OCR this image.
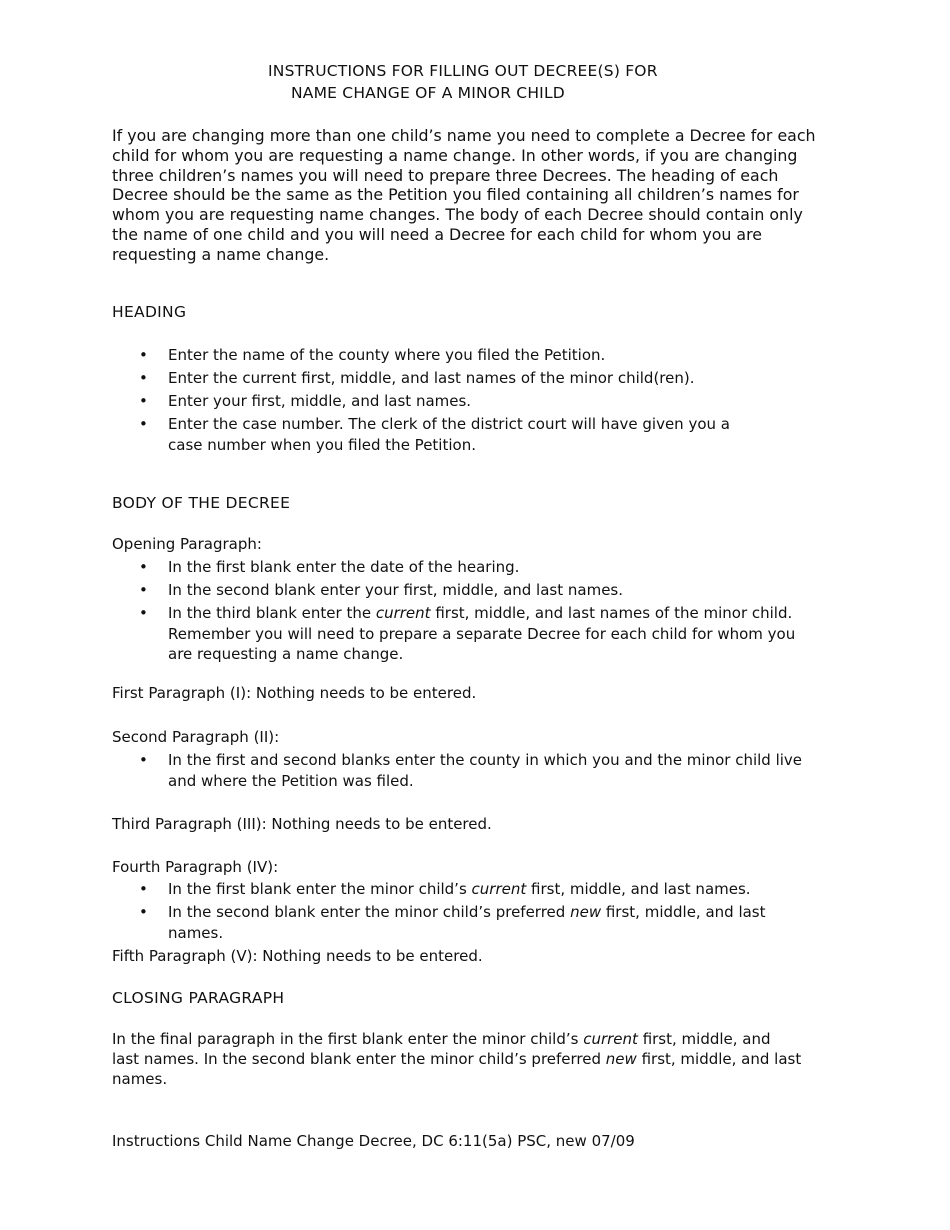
INSTRUCTIONS FOR FILLING OUT DECREE(S) FOR
NAME CHANGE OF A MINOR CHILD

If you are changing more than one child’s name you need to complete a Decree for each child for whom you are requesting a name change. In other words, if you are changing three children’s names you will need to prepare three Decrees. The heading of each Decree should be the same as the Petition you filed containing all children’s names for whom you are requesting name changes. The body of each Decree should contain only the name of one child and you will need a Decree for each child for whom you are requesting a name change.

HEADING

• Enter the name of the county where you filed the Petition.
• Enter the current first, middle, and last names of the minor child(ren).
• Enter your first, middle, and last names.
• Enter the case number. The clerk of the district court will have given you a case number when you filed the Petition.

BODY OF THE DECREE

Opening Paragraph:

• In the first blank enter the date of the hearing.
• In the second blank enter your first, middle, and last names.
• In the third blank enter the current first, middle, and last names of the minor child. Remember you will need to prepare a separate Decree for each child for whom you are requesting a name change.

First Paragraph (I): Nothing needs to be entered.

Second Paragraph (II):

• In the first and second blanks enter the county in which you and the minor child live and where the Petition was filed.

Third Paragraph (III): Nothing needs to be entered.

Fourth Paragraph (IV):

• In the first blank enter the minor child’s current first, middle, and last names.
• In the second blank enter the minor child’s preferred new first, middle, and last names.

Fifth Paragraph (V): Nothing needs to be entered.

CLOSING PARAGRAPH

In the final paragraph in the first blank enter the minor child’s current first, middle, and last names. In the second blank enter the minor child’s preferred new first, middle, and last names.

Instructions Child Name Change Decree, DC 6:11(5a) PSC, new 07/09
